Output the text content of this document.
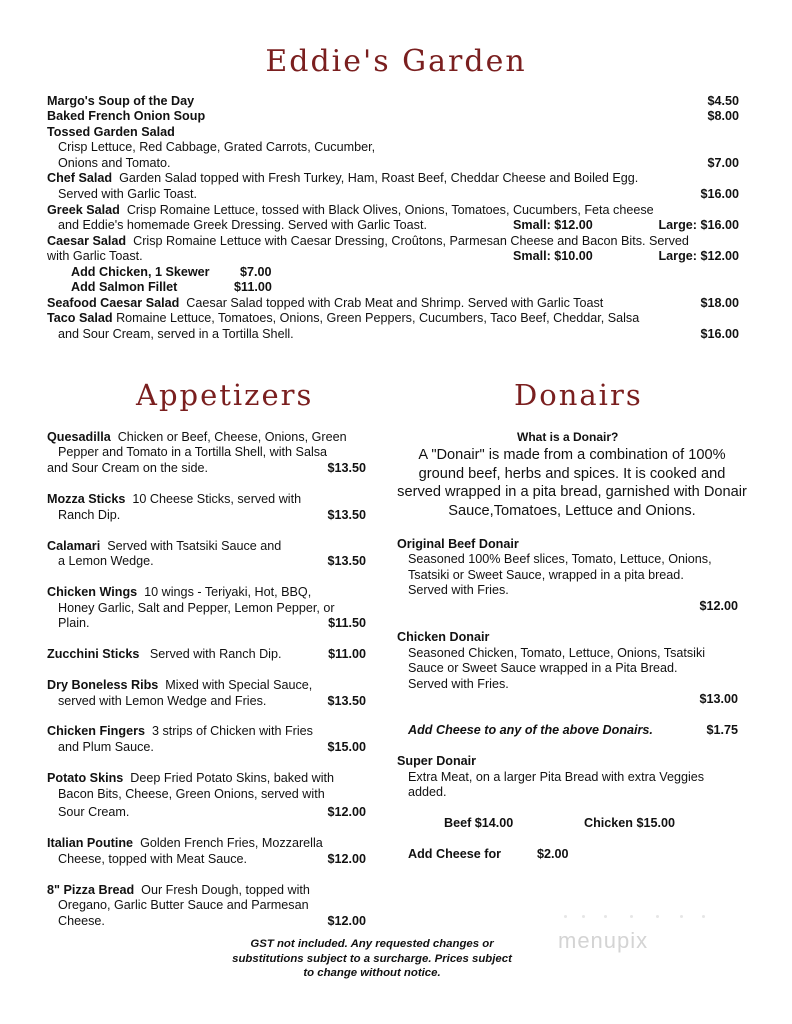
Eddie's Garden
Margo's Soup of the Day	$4.50
Baked French Onion Soup	$8.00
Tossed Garden Salad
Crisp Lettuce, Red Cabbage, Grated Carrots, Cucumber,
Onions and Tomato.	$7.00
Chef Salad Garden Salad topped with Fresh Turkey, Ham, Roast Beef, Cheddar Cheese and Boiled Egg.
Served with Garlic Toast.	$16.00
Greek Salad Crisp Romaine Lettuce, tossed with Black Olives, Onions, Tomatoes, Cucumbers, Feta cheese
and Eddie's homemade Greek Dressing. Served with Garlic Toast.	Small: $12.00	Large: $16.00
Caesar Salad Crisp Romaine Lettuce with Caesar Dressing, Croûtons, Parmesan Cheese and Bacon Bits. Served
with Garlic Toast.	Small: $10.00	Large: $12.00
Add Chicken, 1 Skewer $7.00
Add Salmon Fillet	$11.00
Seafood Caesar Salad Caesar Salad topped with Crab Meat and Shrimp. Served with Garlic Toast	$18.00
Taco Salad Romaine Lettuce, Tomatoes, Onions, Green Peppers, Cucumbers, Taco Beef, Cheddar, Salsa
and Sour Cream, served in a Tortilla Shell.	$16.00
Appetizers
Quesadilla Chicken or Beef, Cheese, Onions, Green
Pepper and Tomato in a Tortilla Shell, with Salsa
and Sour Cream on the side.	$13.50
Mozza Sticks 10 Cheese Sticks, served with
Ranch Dip.	$13.50
Calamari Served with Tsatsiki Sauce and
a Lemon Wedge.	$13.50
Chicken Wings 10 wings - Teriyaki, Hot, BBQ,
Honey Garlic, Salt and Pepper, Lemon Pepper, or
Plain.	$11.50
Zucchini Sticks Served with Ranch Dip.	$11.00
Dry Boneless Ribs Mixed with Special Sauce,
served with Lemon Wedge and Fries.	$13.50
Chicken Fingers 3 strips of Chicken with Fries
and Plum Sauce.	$15.00
Potato Skins Deep Fried Potato Skins, baked with
Bacon Bits, Cheese, Green Onions, served with
Sour Cream.	$12.00
Italian Poutine Golden French Fries, Mozzarella
Cheese, topped with Meat Sauce.	$12.00
8" Pizza Bread Our Fresh Dough, topped with
Oregano, Garlic Butter Sauce and Parmesan
Cheese.	$12.00
Donairs
What is a Donair?
A "Donair" is made from a combination of 100% ground beef, herbs and spices. It is cooked and served wrapped in a pita bread, garnished with Donair Sauce,Tomatoes, Lettuce and Onions.
Original Beef Donair
Seasoned 100% Beef slices, Tomato, Lettuce, Onions,
Tsatsiki or Sweet Sauce, wrapped in a pita bread.
Served with Fries.
$12.00
Chicken Donair
Seasoned Chicken, Tomato, Lettuce, Onions, Tsatsiki
Sauce or Sweet Sauce wrapped in a Pita Bread.
Served with Fries.
$13.00
Add Cheese to any of the above Donairs.	$1.75
Super Donair
Extra Meat, on a larger Pita Bread with extra Veggies
added.
Beef $14.00	Chicken $15.00
Add Cheese for	$2.00
GST not included. Any requested changes or
substitutions subject to a surcharge. Prices subject
to change without notice.
menupix
